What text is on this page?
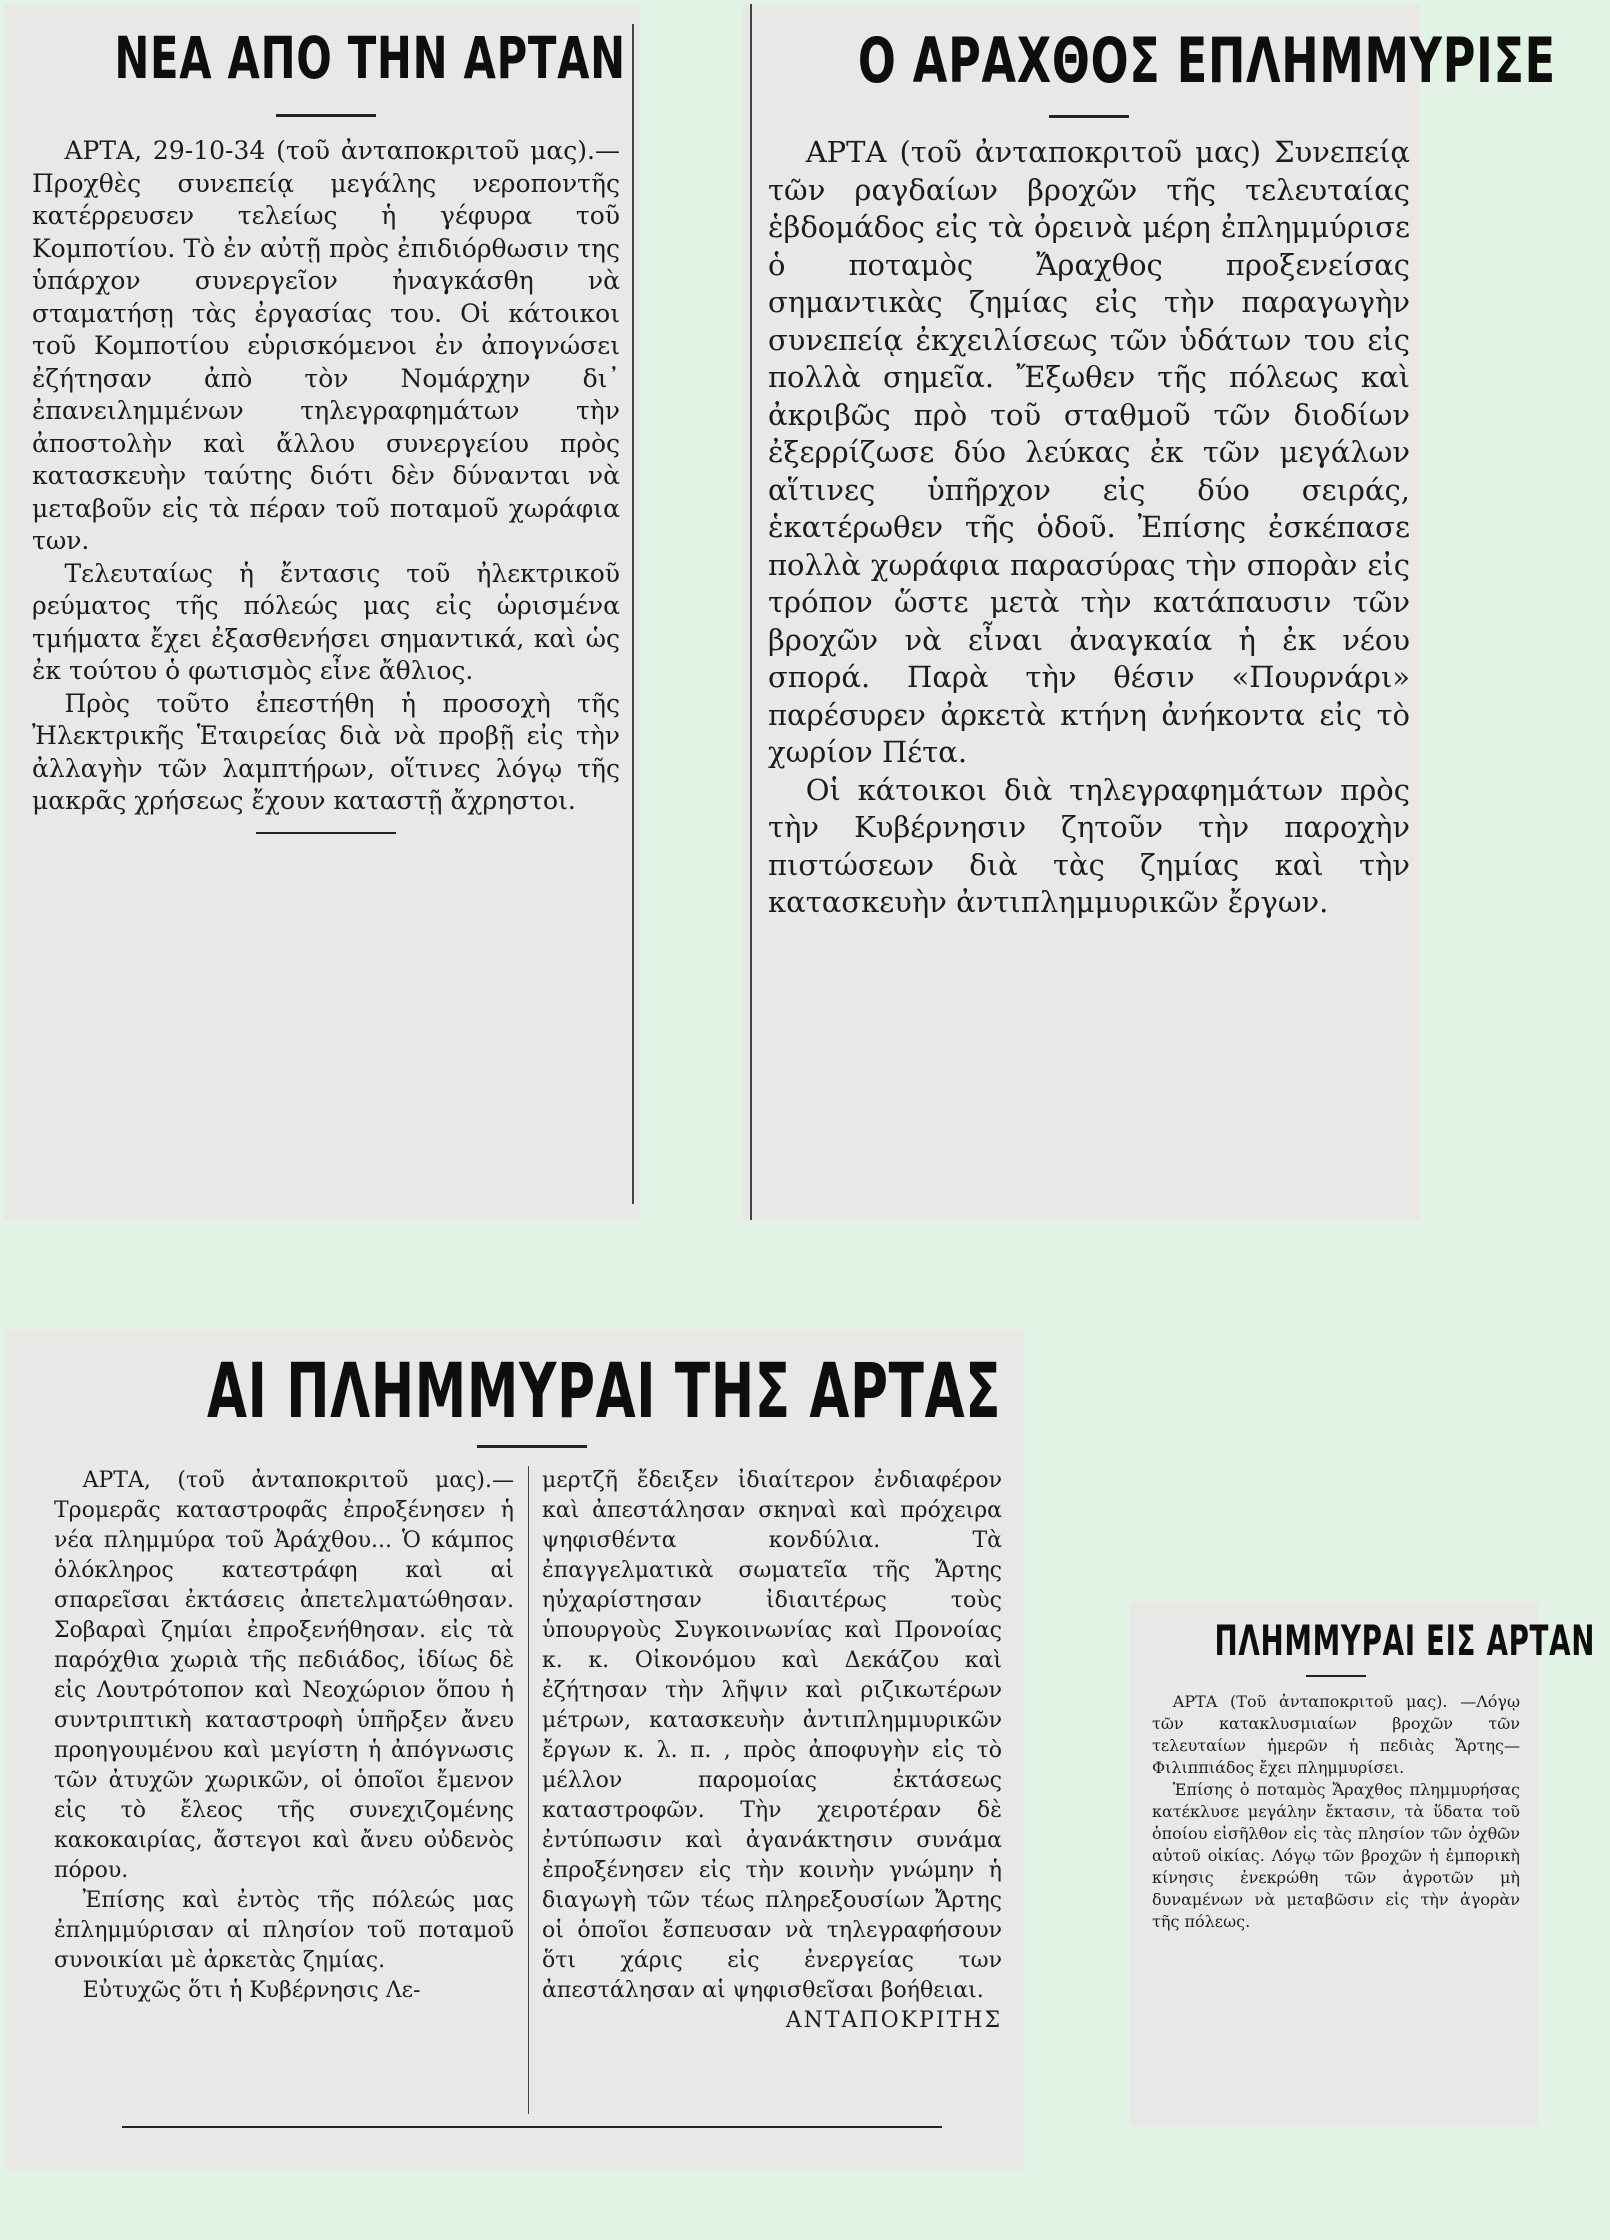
ΝΕΑ ΑΠΟ ΤΗΝ ΑΡΤΑΝ

ΑΡΤΑ, 29-10-34 (τοῦ ἀνταποκριτοῦ μας).—Προχθὲς συνεπείᾳ μεγάλης νεροποντῆς κατέρρευσεν τελείως ἡ γέφυρα τοῦ Κομποτίου. Τὸ ἐν αὐτῇ πρὸς ἐπιδιόρθωσιν της ὑπάρχον συνεργεῖον ἠναγκάσθη νὰ σταματήσῃ τὰς ἐργασίας του. Οἱ κάτοικοι τοῦ Κομποτίου εὑρισκόμενοι ἐν ἀπογνώσει ἐζήτησαν ἀπὸ τὸν Νομάρχην δι᾽ ἐπανειλημμένων τηλεγραφημάτων τὴν ἀποστολὴν καὶ ἄλλου συνεργείου πρὸς κατασκευὴν ταύτης διότι δὲν δύνανται νὰ μεταβοῦν εἰς τὰ πέραν τοῦ ποταμοῦ χωράφια των.

Τελευταίως ἡ ἔντασις τοῦ ἠλεκτρικοῦ ρεύματος τῆς πόλεώς μας εἰς ὡρισμένα τμήματα ἔχει ἐξασθενήσει σημαντικά, καὶ ὡς ἐκ τούτου ὁ φωτισμὸς εἶνε ἄθλιος.

Πρὸς τοῦτο ἐπεστήθη ἡ προσοχὴ τῆς Ἠλεκτρικῆς Ἑταιρείας διὰ νὰ προβῇ εἰς τὴν ἀλλαγὴν τῶν λαμπτήρων, οἵτινες λόγῳ τῆς μακρᾶς χρήσεως ἔχουν καταστῇ ἄχρηστοι.

Ο ΑΡΑΧΘΟΣ ΕΠΛΗΜΜΥΡΙΣΕ

ΑΡΤΑ (τοῦ ἀνταποκριτοῦ μας) Συνεπείᾳ τῶν ραγδαίων βροχῶν τῆς τελευταίας ἑβδομάδος εἰς τὰ ὀρεινὰ μέρη ἐπλημμύρισε ὁ ποταμὸς Ἄραχθος προξενείσας σημαντικὰς ζημίας εἰς τὴν παραγωγὴν συνεπείᾳ ἐκχειλίσεως τῶν ὑδάτων του εἰς πολλὰ σημεῖα. Ἔξωθεν τῆς πόλεως καὶ ἀκριβῶς πρὸ τοῦ σταθμοῦ τῶν διοδίων ἐξερρίζωσε δύο λεύκας ἐκ τῶν μεγάλων αἵτινες ὑπῆρχον εἰς δύο σειράς, ἑκατέρωθεν τῆς ὁδοῦ. Ἐπίσης ἐσκέπασε πολλὰ χωράφια παρασύρας τὴν σπορὰν εἰς τρόπον ὥστε μετὰ τὴν κατάπαυσιν τῶν βροχῶν νὰ εἶναι ἀναγκαία ἡ ἐκ νέου σπορά. Παρὰ τὴν θέσιν «Πουρνάρι» παρέσυρεν ἀρκετὰ κτήνη ἀνήκοντα εἰς τὸ χωρίον Πέτα.

Οἱ κάτοικοι διὰ τηλεγραφημάτων πρὸς τὴν Κυβέρνησιν ζητοῦν τὴν παροχὴν πιστώσεων διὰ τὰς ζημίας καὶ τὴν κατασκευὴν ἀντιπλημμυρικῶν ἔργων.

ΑΙ ΠΛΗΜΜΥΡΑΙ ΤΗΣ ΑΡΤΑΣ

ΑΡΤΑ, (τοῦ ἀνταποκριτοῦ μας).— Τρομερᾶς καταστροφᾶς ἐπροξένησεν ἡ νέα πλημμύρα τοῦ Ἀράχθου... Ὁ κάμπος ὁλόκληρος κατεστράφη καὶ αἱ σπαρεῖσαι ἐκτάσεις ἀπετελματώθησαν. Σοβαραὶ ζημίαι ἐπροξενήθησαν. εἰς τὰ παρόχθια χωριὰ τῆς πεδιάδος, ἰδίως δὲ εἰς Λουτρότοπον καὶ Νεοχώριον ὅπου ἡ συντριπτικὴ καταστροφὴ ὑπῆρξεν ἄνευ προηγουμένου καὶ μεγίστη ἡ ἀπόγνωσις τῶν ἀτυχῶν χωρικῶν, οἱ ὁποῖοι ἔμενον εἰς τὸ ἔλεος τῆς συνεχιζομένης κακοκαιρίας, ἄστεγοι καὶ ἄνευ οὐδενὸς πόρου.

Ἐπίσης καὶ ἐντὸς τῆς πόλεώς μας ἐπλημμύρισαν αἱ πλησίον τοῦ ποταμοῦ συνοικίαι μὲ ἀρκετὰς ζημίας.

Εὐτυχῶς ὅτι ἡ Κυβέρνησις Λε-

μερτζῆ ἔδειξεν ἰδιαίτερον ἐνδιαφέρον καὶ ἀπεστάλησαν σκηναὶ καὶ πρόχειρα ψηφισθέντα κονδύλια. Τὰ ἐπαγγελματικὰ σωματεῖα τῆς Ἄρτης ηὐχαρίστησαν ἰδιαιτέρως τοὺς ὑπουργοὺς Συγκοινωνίας καὶ Προνοίας κ. κ. Οἰκονόμου καὶ Δεκάζου καὶ ἐζήτησαν τὴν λῆψιν καὶ ριζικωτέρων μέτρων, κατασκευὴν ἀντιπλημμυρικῶν ἔργων κ. λ. π. , πρὸς ἀποφυγὴν εἰς τὸ μέλλον παρομοίας ἐκτάσεως καταστροφῶν. Τὴν χειροτέραν δὲ ἐντύπωσιν καὶ ἀγανάκτησιν συνάμα ἐπροξένησεν εἰς τὴν κοινὴν γνώμην ἡ διαγωγὴ τῶν τέως πληρεξουσίων Ἄρτης οἱ ὁποῖοι ἔσπευσαν νὰ τηλεγραφήσουν ὅτι χάρις εἰς ἐνεργείας των ἀπεστάλησαν αἱ ψηφισθεῖσαι βοήθειαι.

ΑΝΤΑΠΟΚΡΙΤΗΣ
ΠΛΗΜΜΥΡΑΙ ΕΙΣ ΑΡΤΑΝ

ΑΡΤΑ (Τοῦ ἀνταποκριτοῦ μας). —Λόγῳ τῶν κατακλυσμιαίων βροχῶν τῶν τελευταίων ἡμερῶν ἡ πεδιὰς Ἄρτης—Φιλιππιάδος ἔχει πλημμυρίσει.

Ἐπίσης ὁ ποταμὸς Ἄραχθος πλημμυρήσας κατέκλυσε μεγάλην ἔκτασιν, τὰ ὕδατα τοῦ ὁποίου εἰσῆλθον εἰς τὰς πλησίον τῶν ὀχθῶν αὐτοῦ οἰκίας. Λόγῳ τῶν βροχῶν ἡ ἐμπορικὴ κίνησις ἐνεκρώθη τῶν ἀγροτῶν μὴ δυναμένων νὰ μεταβῶσιν εἰς τὴν ἀγορὰν τῆς πόλεως.
